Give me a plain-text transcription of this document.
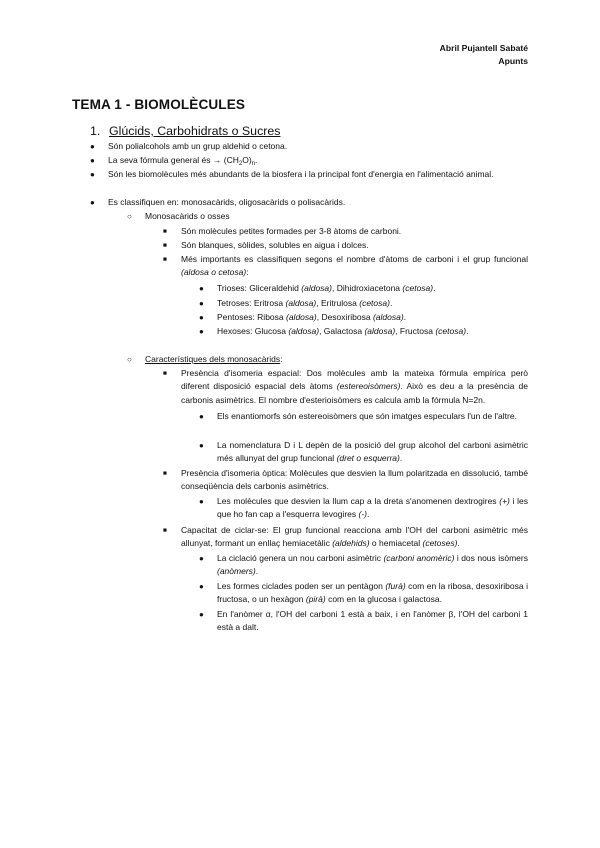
Abril Pujantell Sabaté
Apunts
TEMA 1 - BIOMOLÈCULES
1. Glúcids, Carbohidrats o Sucres
● Són polialcohols amb un grup aldehid o cetona.
● La seva fórmula general és → $(CH_2O)_n$.
● Són les biomolècules més abundants de la biosfera i la principal font d'energia en l'alimentació animal.
● Es classifiquen en: monosacàrids, oligosacàrids o polisacàrids.
○ Monosacàrids o osses
■ Són molècules petites formades per 3-8 àtoms de carboni.
■ Són blanques, sòlides, solubles en aigua i dolces.
■ Més importants es classifiquen segons el nombre d'àtoms de carboni i el grup funcional (aldosa o cetosa):
● Trioses: Gliceraldehid (aldosa), Dihidroxiacetona (cetosa).
● Tetroses: Eritrosa (aldosa), Eritrulosa (cetosa).
● Pentoses: Ribosa (aldosa), Desoxiribosa (aldosa).
● Hexoses: Glucosa (aldosa), Galactosa (aldosa), Fructosa (cetosa).
○ Característiques dels monosacàrids:
■ Presència d'isomeria espacial: Dos molècules amb la mateixa fórmula empírica però diferent disposició espacial dels àtoms (estereoisòmers). Això es deu a la presència de carbonis asimètrics. El nombre d'esterioisòmers es calcula amb la fórmula N=2n.
● Els enantiomorfs són estereoisòmers que són imatges especulars l'un de l'altre.
● La nomenclatura D i L depèn de la posició del grup alcohol del carboni asimètric més allunyat del grup funcional (dret o esquerra).
■ Presència d'isomeria òptica: Molècules que desvien la llum polaritzada en dissolució, també conseqüència dels carbonis asimètrics.
● Les molècules que desvien la llum cap a la dreta s'anomenen dextrogires (+) i les que ho fan cap a l'esquerra levogires (-).
■ Capacitat de ciclar-se: El grup funcional reacciona amb l'OH del carboni asimètric més allunyat, formant un enllaç hemiacetàlic (aldehids) o hemiacetal (cetoses).
● La ciclació genera un nou carboni asimètric (carboni anomèric) i dos nous isòmers (anòmers).
● Les formes ciclades poden ser un pentàgon (furà) com en la ribosa, desoxiribosa i fructosa, o un hexàgon (pirà) com en la glucosa i galactosa.
● En l'anòmer α, l'OH del carboni 1 està a baix, i en l'anòmer β, l'OH del carboni 1 està a dalt.
